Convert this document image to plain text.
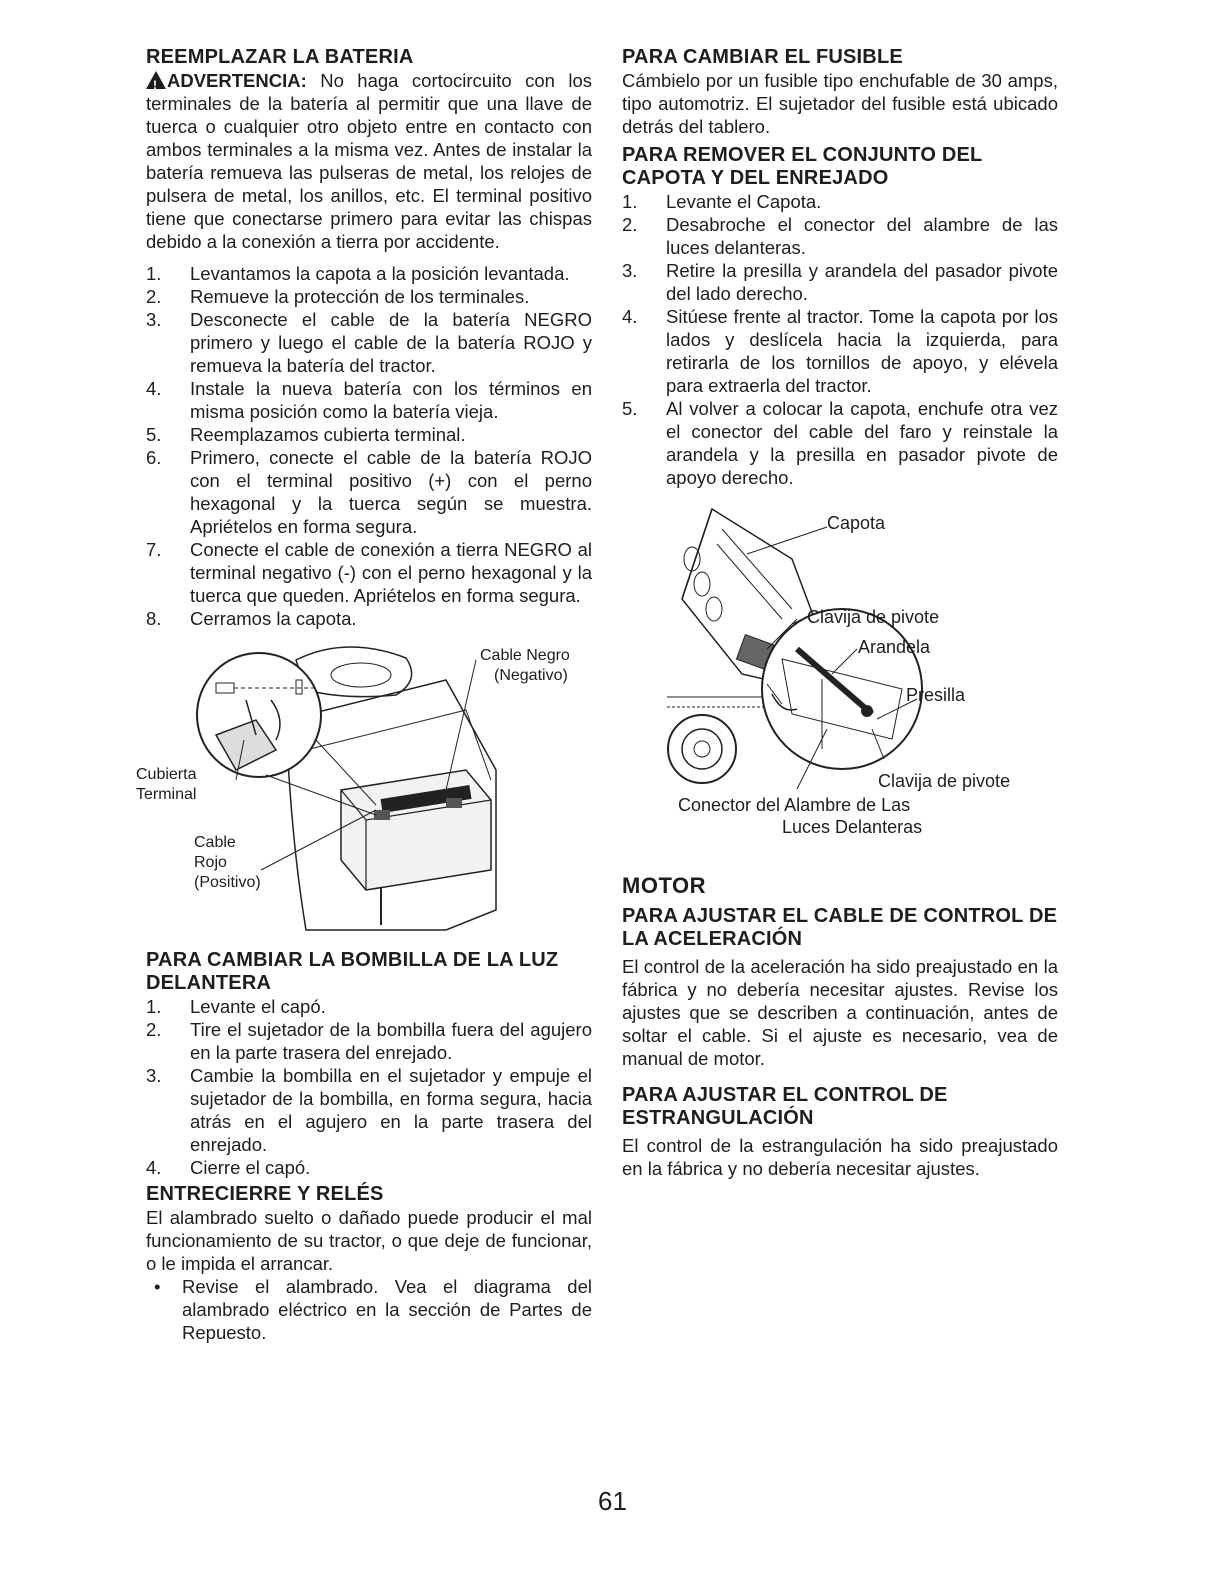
REEMPLAZAR LA BATERIA

!ADVERTENCIA: No haga cortocircuito con los terminales de la batería al permitir que una llave de tuerca o cualquier otro objeto entre en contacto con ambos terminales a la misma vez. Antes de instalar la batería remueva las pulseras de metal, los relojes de pulsera de metal, los anillos, etc. El terminal positivo tiene que conectarse primero para evitar las chispas debido a la conexión a tierra por accidente.

1. Levantamos la capota a la posición levantada.
2. Remueve la protección de los terminales.
3. Desconecte el cable de la batería NEGRO primero y luego el cable de la batería ROJO y remueva la batería del tractor.
4. Instale la nueva batería con los términos en misma posición como la batería vieja.
5. Reemplazamos cubierta terminal.
6. Primero, conecte el cable de la batería ROJO con el terminal positivo (+) con el perno hexagonal y la tuerca según se muestra. Apriételos en forma segura.
7. Conecte el cable de conexión a tierra NEGRO al terminal negativo (-) con el perno hexagonal y la tuerca que queden. Apriételos en forma segura.
8. Cerramos la capota.
Cable Negro
(Negativo)
Cubierta
Terminal
Cable
Rojo
(Positivo)
PARA CAMBIAR LA BOMBILLA DE LA LUZ DELANTERA
1. Levante el capó.
2. Tire el sujetador de la bombilla fuera del agujero en la parte trasera del enrejado.
3. Cambie la bombilla en el sujetador y empuje el sujetador de la bombilla, en forma segura, hacia atrás en el agujero en la parte trasera del enrejado.
4. Cierre el capó.
ENTRECIERRE Y RELÉS

El alambrado suelto o dañado puede producir el mal funcionamiento de su tractor, o que deje de funcionar, o le impida el arrancar.

• Revise el alambrado. Vea el diagrama del alambrado eléctrico en la sección de Partes de Repuesto.
PARA CAMBIAR EL FUSIBLE

Cámbielo por un fusible tipo enchufable de 30 amps, tipo automotriz. El sujetador del fusible está ubicado detrás del tablero.

PARA REMOVER EL CONJUNTO DEL CAPOTA Y DEL ENREJADO
1. Levante el Capota.
2. Desabroche el conector del alambre de las luces delanteras.
3. Retire la presilla y arandela del pasador pivote del lado derecho.
4. Sitúese frente al tractor. Tome la capota por los lados y deslícela hacia la izquierda, para retirarla de los tornillos de apoyo, y elévela para extraerla del tractor.
5. Al volver a colocar la capota, enchufe otra vez el conector del cable del faro y reinstale la arandela y la presilla en pasador pivote de apoyo derecho.
Capota
Clavija de pivote
Arandela
Presilla
Clavija de pivote
Conector del Alambre de Las
Luces Delanteras
MOTOR
PARA AJUSTAR EL CABLE DE CONTROL DE LA ACELERACIÓN

El control de la aceleración ha sido preajustado en la fábrica y no debería necesitar ajustes. Revise los ajustes que se describen a continuación, antes de soltar el cable. Si el ajuste es necesario, vea de manual de motor.

PARA AJUSTAR EL CONTROL DE ESTRANGULACIÓN

El control de la estrangulación ha sido preajustado en la fábrica y no debería necesitar ajustes.

61
